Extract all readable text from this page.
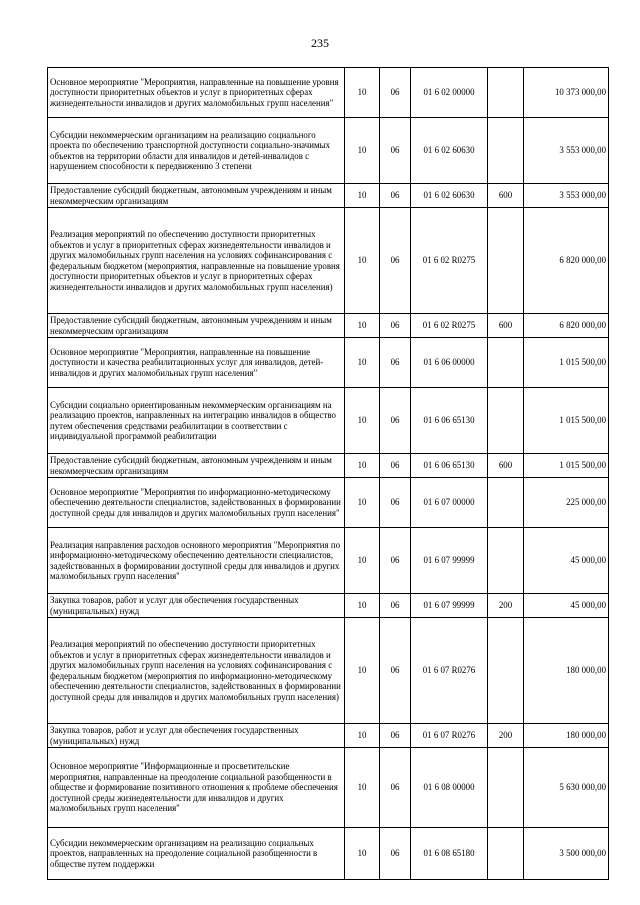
235
Основное мероприятие "Мероприятия, направленные на повышение уровня доступности приоритетных объектов и услуг в приоритетных сферах жизнедеятельности инвалидов и других маломобильных групп населения"	10	06	01 6 02 00000		10 373 000,00
Субсидии некоммерческим организациям на реализацию социального проекта по обеспечению транспортной доступности социально-значимых объектов на территории области для инвалидов и детей-инвалидов с нарушением способности к передвижению 3 степени	10	06	01 6 02 60630		3 553 000,00
Предоставление субсидий бюджетным, автономным учреждениям и иным некоммерческим организациям	10	06	01 6 02 60630	600	3 553 000,00
Реализация мероприятий по обеспечению доступности приоритетных объектов и услуг в приоритетных сферах жизнедеятельности инвалидов и других маломобильных групп населения на условиях софинансирования с федеральным бюджетом (мероприятия, направленные на повышение уровня доступности приоритетных объектов и услуг в приоритетных сферах жизнедеятельности инвалидов и других маломобильных групп населения)	10	06	01 6 02 R0275		6 820 000,00
Предоставление субсидий бюджетным, автономным учреждениям и иным некоммерческим организациям	10	06	01 6 02 R0275	600	6 820 000,00
Основное мероприятие "Мероприятия, направленные на повышение доступности и качества реабилитационных услуг для инвалидов, детей-инвалидов и других маломобильных групп населения"	10	06	01 6 06 00000		1 015 500,00
Субсидии социально ориентированным некоммерческим организациям на реализацию проектов, направленных на интеграцию инвалидов в общество путем обеспечения средствами реабилитации в соответствии с индивидуальной программой реабилитации	10	06	01 6 06 65130		1 015 500,00
Предоставление субсидий бюджетным, автономным учреждениям и иным некоммерческим организациям	10	06	01 6 06 65130	600	1 015 500,00
Основное мероприятие "Мероприятия по информационно-методическому обеспечению деятельности специалистов, задействованных в формировании доступной среды для инвалидов и других маломобильных групп населения"	10	06	01 6 07 00000		225 000,00
Реализация направления расходов основного мероприятия "Мероприятия по информационно-методическому обеспечению деятельности специалистов, задействованных в формировании доступной среды для инвалидов и других маломобильных групп населения"	10	06	01 6 07 99999		45 000,00
Закупка товаров, работ и услуг для обеспечения государственных (муниципальных) нужд	10	06	01 6 07 99999	200	45 000,00
Реализация мероприятий по обеспечению доступности приоритетных объектов и услуг в приоритетных сферах жизнедеятельности инвалидов и других маломобильных групп населения на условиях софинансирования с федеральным бюджетом (мероприятия по информационно-методическому обеспечению деятельности специалистов, задействованных в формировании доступной среды для инвалидов и других маломобильных групп населения)	10	06	01 6 07 R0276		180 000,00
Закупка товаров, работ и услуг для обеспечения государственных (муниципальных) нужд	10	06	01 6 07 R0276	200	180 000,00
Основное мероприятие "Информационные и просветительские мероприятия, направленные на преодоление социальной разобщенности в обществе и формирование позитивного отношения к проблеме обеспечения доступной среды жизнедеятельности для инвалидов и других маломобильных групп населения"	10	06	01 6 08 00000		5 630 000,00
Субсидии некоммерческим организациям на реализацию социальных проектов, направленных на преодоление социальной разобщенности в обществе путем поддержки	10	06	01 6 08 65180		3 500 000,00
